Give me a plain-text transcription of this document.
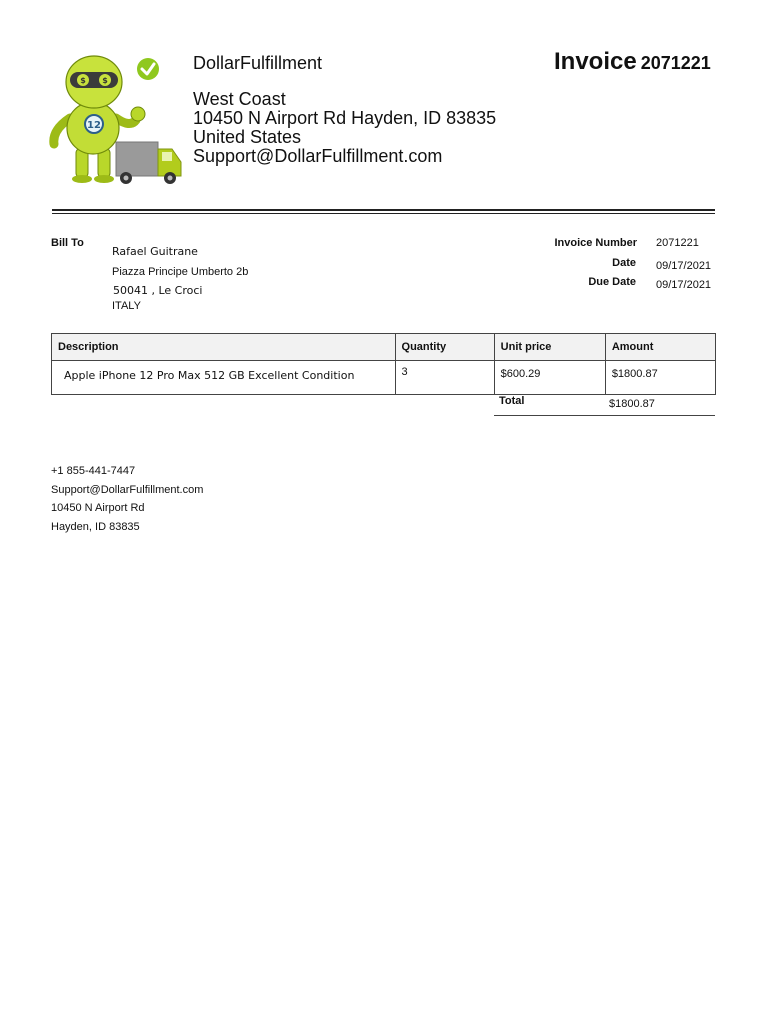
12
$ $
DollarFulfillment
West Coast
10450 N Airport Rd Hayden, ID 83835
United States
Support@DollarFulfillment.com
Invoice 2071221
Bill To
Rafael Guitrane
Piazza Principe Umberto 2b
50041 , Le Croci
ITALY
Invoice Number 2071221
Date 09/17/2021
Due Date 09/17/2021
Description	Quantity	Unit price	Amount
Apple iPhone 12 Pro Max 512 GB Excellent Condition	3	$600.29	$1800.87
Total	$1800.87
+1 855-441-7447
Support@DollarFulfillment.com
10450 N Airport Rd
Hayden, ID 83835
